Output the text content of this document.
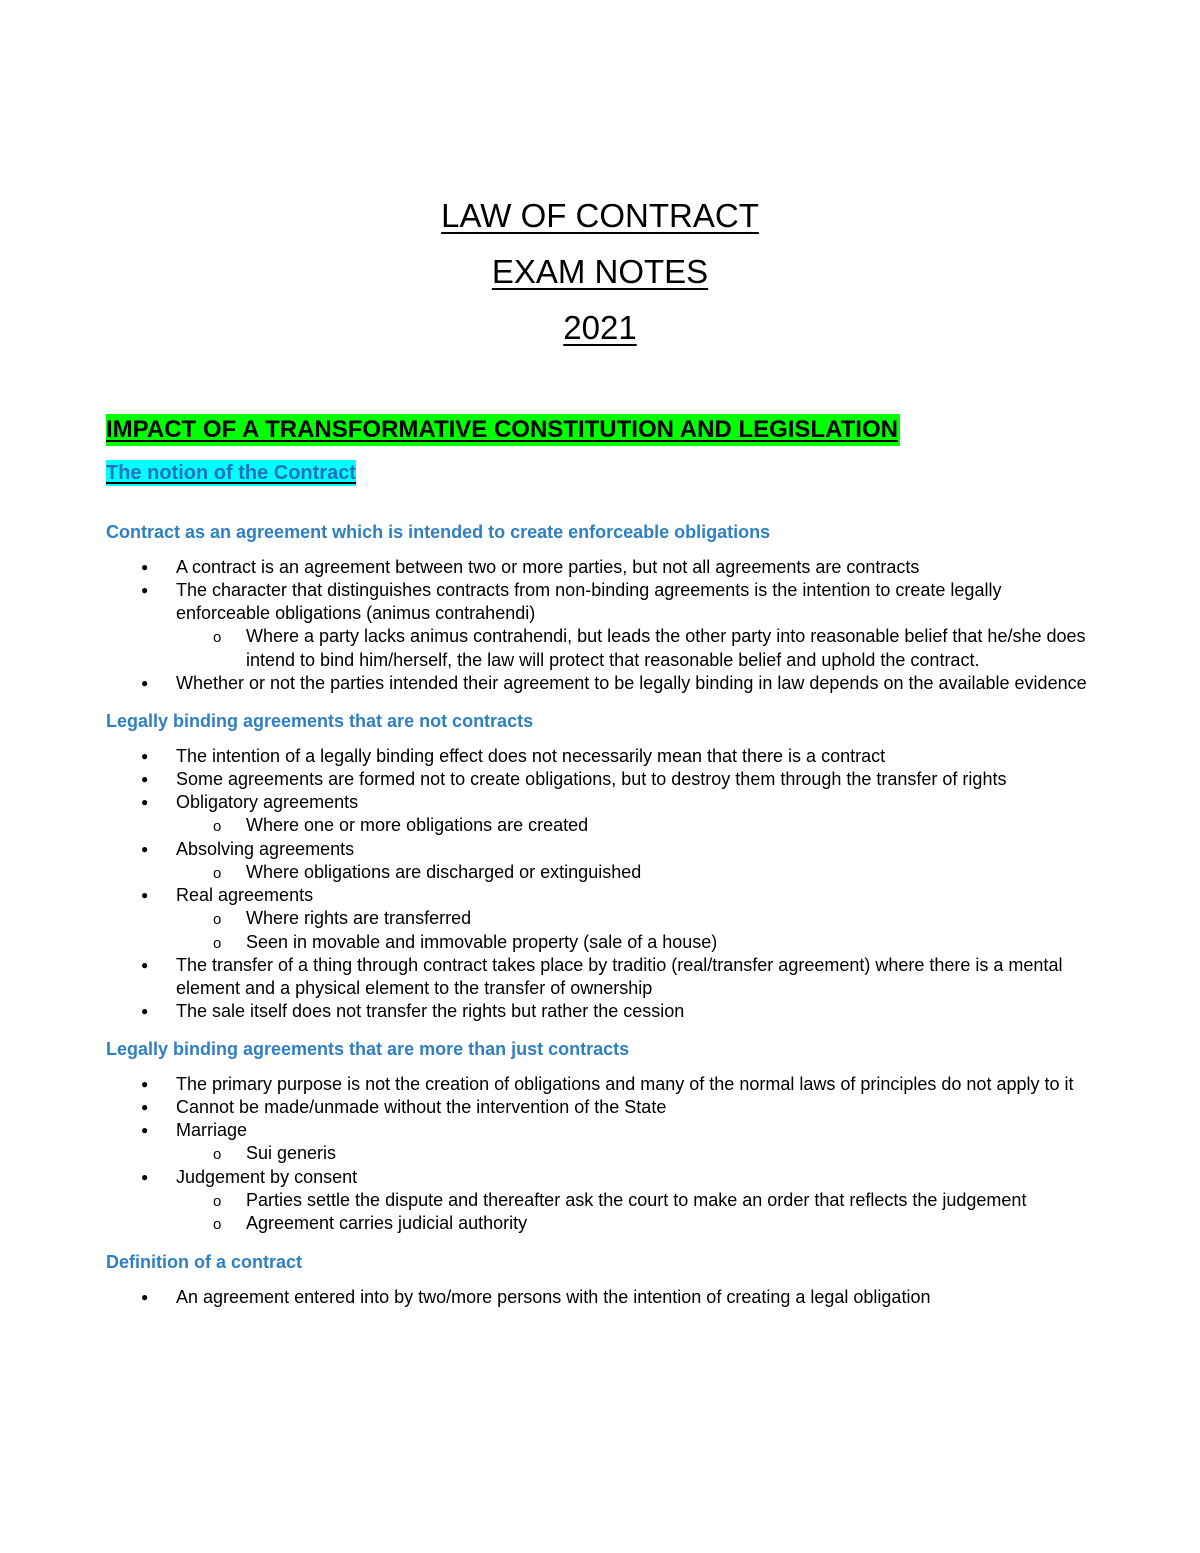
LAW OF CONTRACT
EXAM NOTES
2021
IMPACT OF A TRANSFORMATIVE CONSTITUTION AND LEGISLATION
The notion of the Contract
Contract as an agreement which is intended to create enforceable obligations
● A contract is an agreement between two or more parties, but not all agreements are contracts
● The character that distinguishes contracts from non-binding agreements is the intention to create legally enforceable obligations (animus contrahendi)
o Where a party lacks animus contrahendi, but leads the other party into reasonable belief that he/she does intend to bind him/herself, the law will protect that reasonable belief and uphold the contract.
● Whether or not the parties intended their agreement to be legally binding in law depends on the available evidence
Legally binding agreements that are not contracts
● The intention of a legally binding effect does not necessarily mean that there is a contract
● Some agreements are formed not to create obligations, but to destroy them through the transfer of rights
● Obligatory agreements
o Where one or more obligations are created
● Absolving agreements
o Where obligations are discharged or extinguished
● Real agreements
o Where rights are transferred
o Seen in movable and immovable property (sale of a house)
● The transfer of a thing through contract takes place by traditio (real/transfer agreement) where there is a mental element and a physical element to the transfer of ownership
● The sale itself does not transfer the rights but rather the cession
Legally binding agreements that are more than just contracts
● The primary purpose is not the creation of obligations and many of the normal laws of principles do not apply to it
● Cannot be made/unmade without the intervention of the State
● Marriage
o Sui generis
● Judgement by consent
o Parties settle the dispute and thereafter ask the court to make an order that reflects the judgement
o Agreement carries judicial authority
Definition of a contract
● An agreement entered into by two/more persons with the intention of creating a legal obligation
